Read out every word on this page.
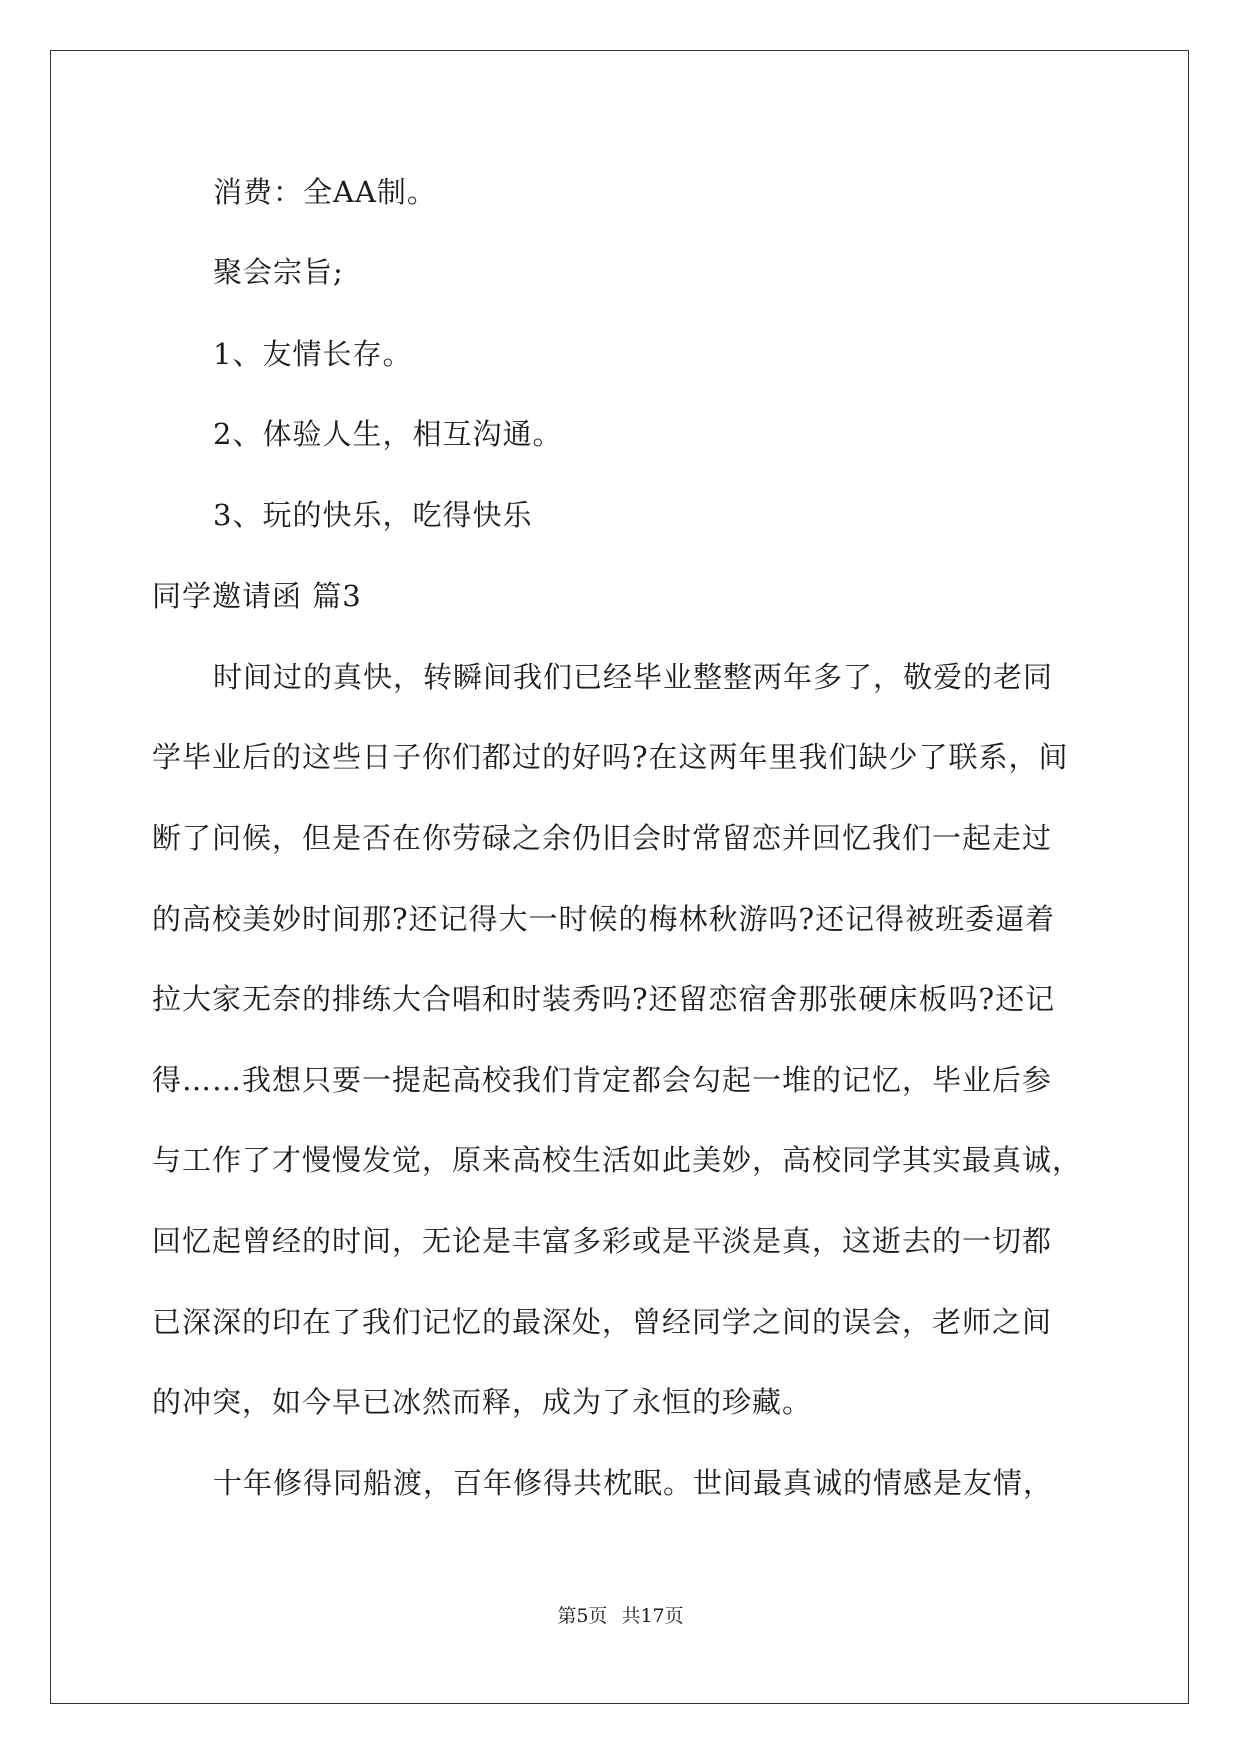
消费：全AA制。
聚会宗旨;
1、友情长存。
2、体验人生，相互沟通。
3、玩的快乐，吃得快乐
同学邀请函 篇3
时间过的真快，转瞬间我们已经毕业整整两年多了，敬爱的老同
学毕业后的这些日子你们都过的好吗?在这两年里我们缺少了联系，间
断了问候，但是否在你劳碌之余仍旧会时常留恋并回忆我们一起走过
的高校美妙时间那?还记得大一时候的梅林秋游吗?还记得被班委逼着
拉大家无奈的排练大合唱和时装秀吗?还留恋宿舍那张硬床板吗?还记
得……我想只要一提起高校我们肯定都会勾起一堆的记忆，毕业后参
与工作了才慢慢发觉，原来高校生活如此美妙，高校同学其实最真诚，
回忆起曾经的时间，无论是丰富多彩或是平淡是真，这逝去的一切都
已深深的印在了我们记忆的最深处，曾经同学之间的误会，老师之间
的冲突，如今早已冰然而释，成为了永恒的珍藏。
十年修得同船渡，百年修得共枕眠。世间最真诚的情感是友情，
第5页 共17页
